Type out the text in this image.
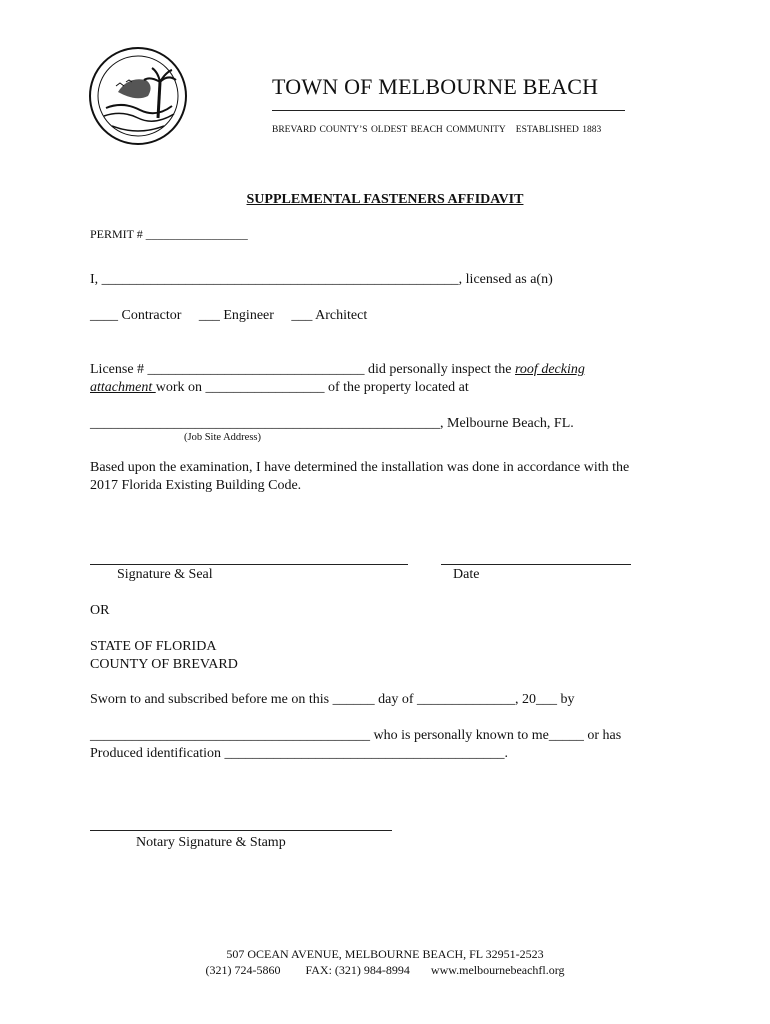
TOWN OF MELBOURNE BEACH
BREVARD COUNTY’S OLDEST BEACH COMMUNITY ESTABLISHED 1883
SUPPLEMENTAL FASTENERS AFFIDAVIT
PERMIT # _________________
I, ___________________________________________________, licensed as a(n)
____ Contractor ___ Engineer ___ Architect
License # _______________________________ did personally inspect the roof decking
attachment work on _________________ of the property located at
__________________________________________________, Melbourne Beach, FL.
(Job Site Address)
Based upon the examination, I have determined the installation was done in accordance with the
2017 Florida Existing Building Code.
Signature & Seal	Date
OR
STATE OF FLORIDA
COUNTY OF BREVARD
Sworn to and subscribed before me on this ______ day of ______________, 20___ by
________________________________________ who is personally known to me_____ or has
Produced identification ________________________________________.
Notary Signature & Stamp
507 OCEAN AVENUE, MELBOURNE BEACH, FL 32951-2523
(321) 724-5860 FAX: (321) 984-8994 www.melbournebeachfl.org
